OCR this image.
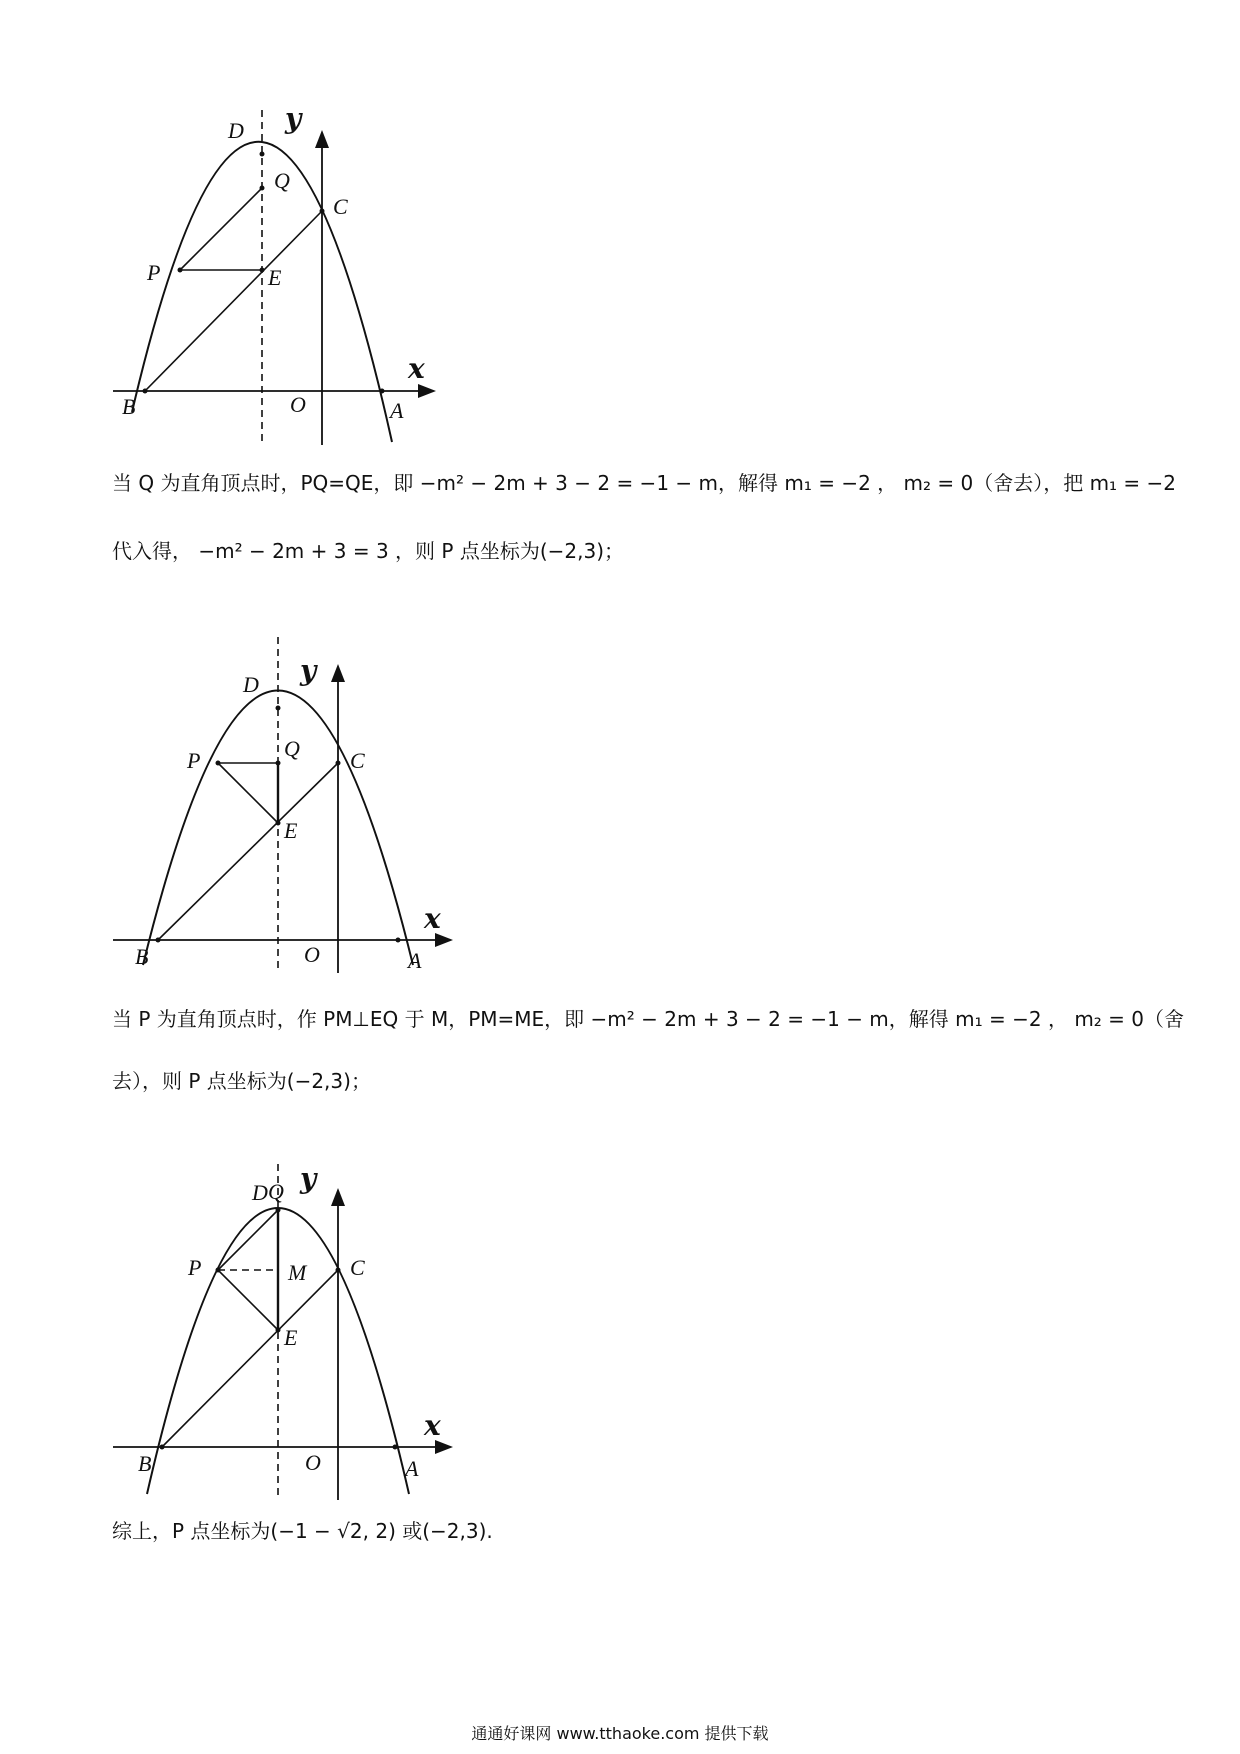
D y
Q
C
P	E
x
B	O	A
D y
Q C
P
E
x
B	O	A
D Q y
P	M C
E
x
B	O	A
当 Q 为直角顶点时，PQ=QE，即 −m² − 2m + 3 − 2 = −1 − m，解得 m₁ = −2 ， m₂ = 0（舍去），把 m₁ = −2
代入得， −m² − 2m + 3 = 3 ，则 P 点坐标为(−2,3)；
当 P 为直角顶点时，作 PM⊥EQ 于 M，PM=ME，即 −m² − 2m + 3 − 2 = −1 − m，解得 m₁ = −2 ， m₂ = 0（舍
去），则 P 点坐标为(−2,3)；
综上，P 点坐标为(−1 − √2, 2) 或(−2,3).
通通好课网 www.tthaoke.com 提供下载
